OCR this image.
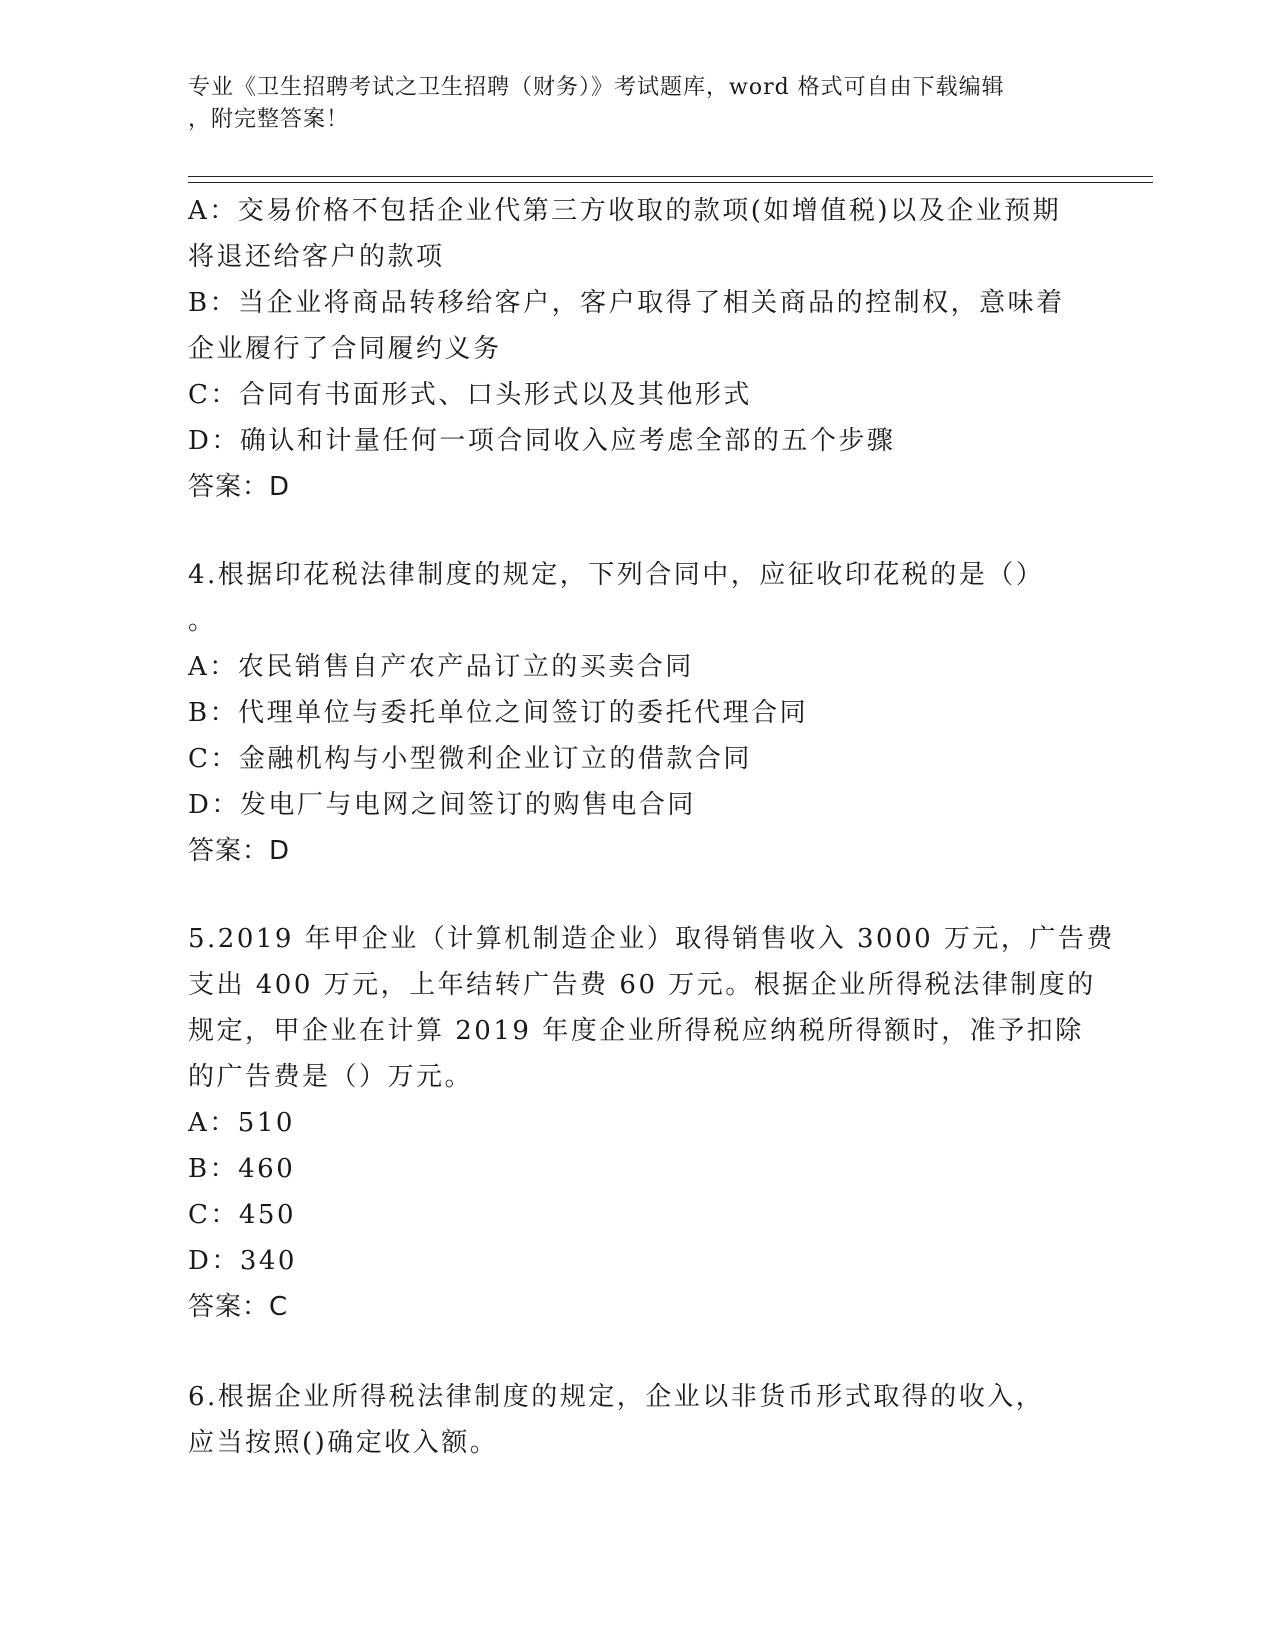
专业《卫生招聘考试之卫生招聘（财务）》考试题库，word 格式可自由下载编辑
，附完整答案！
A：交易价格不包括企业代第三方收取的款项(如增值税)以及企业预期
将退还给客户的款项
B：当企业将商品转移给客户，客户取得了相关商品的控制权，意味着
企业履行了合同履约义务
C：合同有书面形式、口头形式以及其他形式
D：确认和计量任何一项合同收入应考虑全部的五个步骤
答案：D
4.根据印花税法律制度的规定，下列合同中，应征收印花税的是（）
。
A：农民销售自产农产品订立的买卖合同
B：代理单位与委托单位之间签订的委托代理合同
C：金融机构与小型微利企业订立的借款合同
D：发电厂与电网之间签订的购售电合同
答案：D
5.2019 年甲企业（计算机制造企业）取得销售收入 3000 万元，广告费
支出 400 万元，上年结转广告费 60 万元。根据企业所得税法律制度的
规定，甲企业在计算 2019 年度企业所得税应纳税所得额时，准予扣除
的广告费是（）万元。
A：510
B：460
C：450
D：340
答案：C
6.根据企业所得税法律制度的规定，企业以非货币形式取得的收入，
应当按照()确定收入额。
